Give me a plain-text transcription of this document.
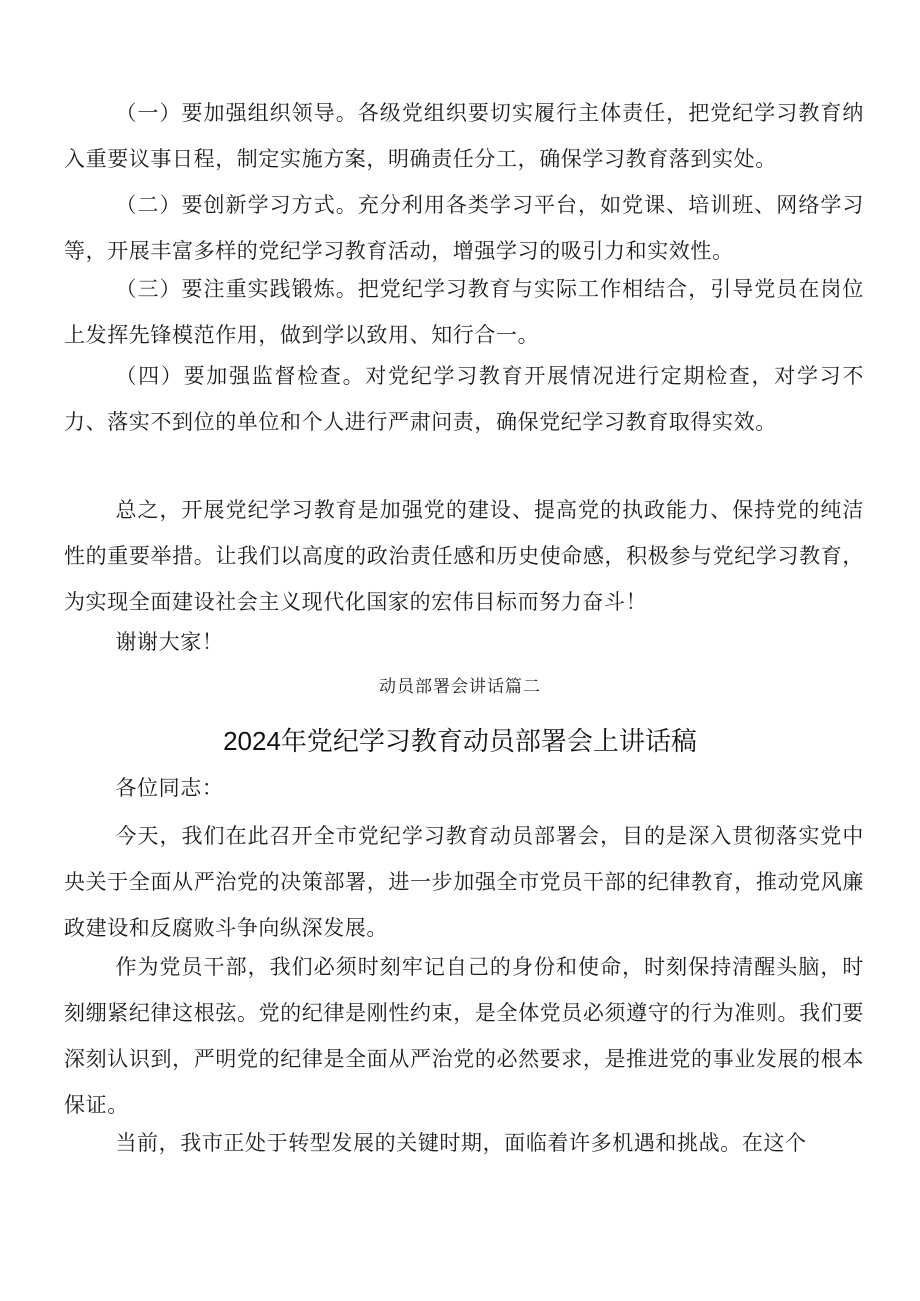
（一）要加强组织领导。各级党组织要切实履行主体责任，把党纪学习教育纳入重要议事日程，制定实施方案，明确责任分工，确保学习教育落到实处。

（二）要创新学习方式。充分利用各类学习平台，如党课、培训班、网络学习等，开展丰富多样的党纪学习教育活动，增强学习的吸引力和实效性。

（三）要注重实践锻炼。把党纪学习教育与实际工作相结合，引导党员在岗位上发挥先锋模范作用，做到学以致用、知行合一。

（四）要加强监督检查。对党纪学习教育开展情况进行定期检查，对学习不力、落实不到位的单位和个人进行严肃问责，确保党纪学习教育取得实效。

总之，开展党纪学习教育是加强党的建设、提高党的执政能力、保持党的纯洁性的重要举措。让我们以高度的政治责任感和历史使命感，积极参与党纪学习教育，为实现全面建设社会主义现代化国家的宏伟目标而努力奋斗！

谢谢大家！

动员部署会讲话篇二
2024年党纪学习教育动员部署会上讲话稿

各位同志：

今天，我们在此召开全市党纪学习教育动员部署会，目的是深入贯彻落实党中央关于全面从严治党的决策部署，进一步加强全市党员干部的纪律教育，推动党风廉政建设和反腐败斗争向纵深发展。

作为党员干部，我们必须时刻牢记自己的身份和使命，时刻保持清醒头脑，时刻绷紧纪律这根弦。党的纪律是刚性约束，是全体党员必须遵守的行为准则。我们要深刻认识到，严明党的纪律是全面从严治党的必然要求，是推进党的事业发展的根本保证。

当前，我市正处于转型发展的关键时期，面临着许多机遇和挑战。在这个
